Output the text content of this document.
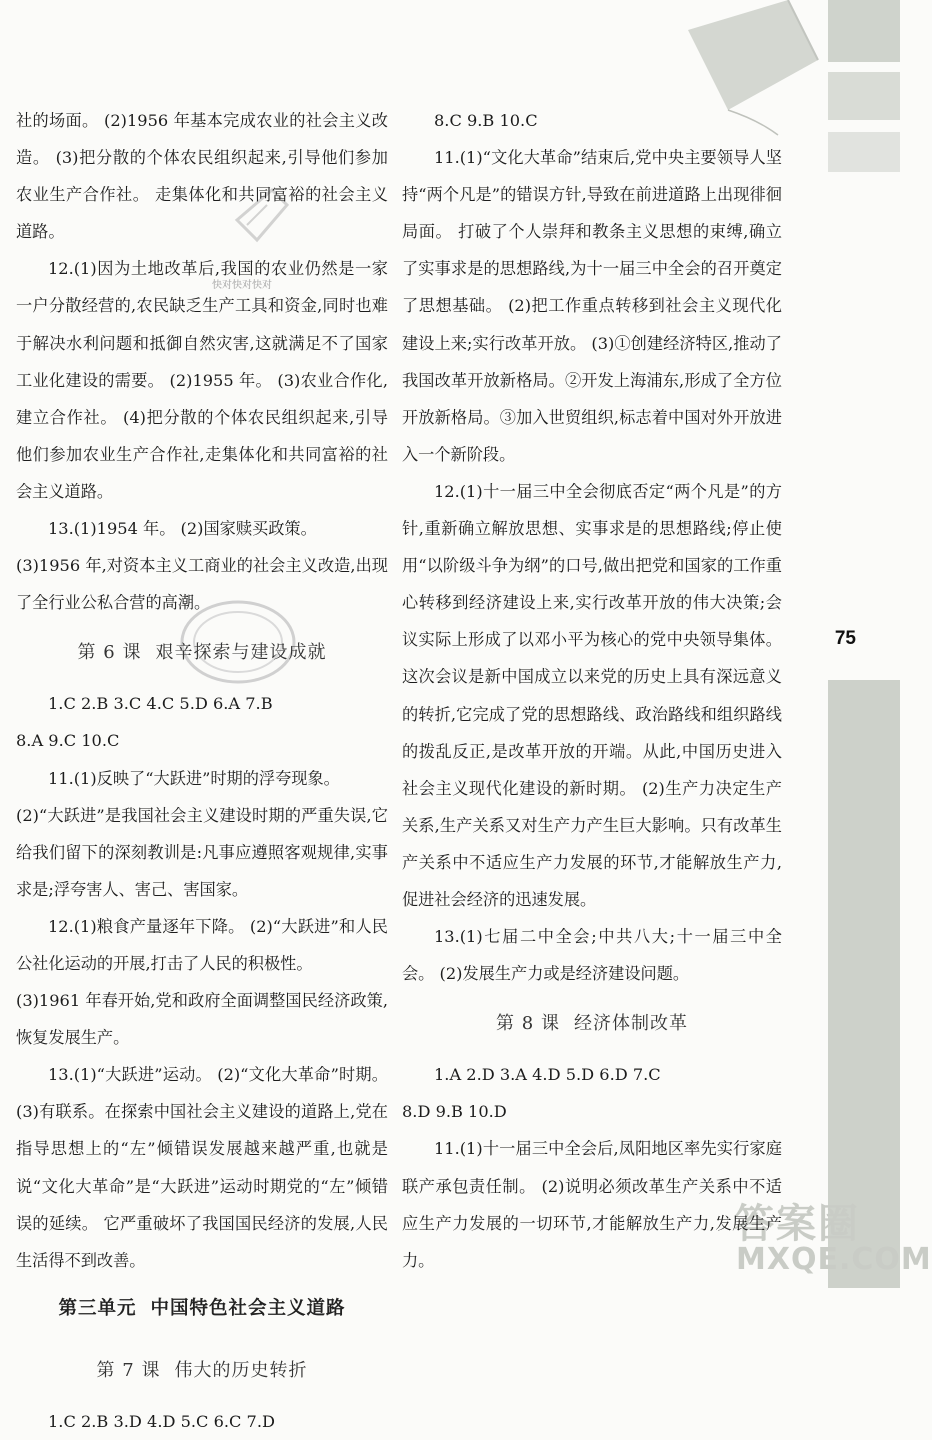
75
快对快对快对
答案圈
MXQE.COM

社的场面。 (2)1956 年基本完成农业的社会主义改造。 (3)把分散的个体农民组织起来,引导他们参加农业生产合作社。 走集体化和共同富裕的社会主义道路。

12.(1)因为土地改革后,我国的农业仍然是一家一户分散经营的,农民缺乏生产工具和资金,同时也难于解决水利问题和抵御自然灾害,这就满足不了国家工业化建设的需要。 (2)1955 年。 (3)农业合作化,建立合作社。 (4)把分散的个体农民组织起来,引导他们参加农业生产合作社,走集体化和共同富裕的社会主义道路。

13.(1)1954 年。 (2)国家赎买政策。

(3)1956 年,对资本主义工商业的社会主义改造,出现了全行业公私合营的高潮。

第 6 课 艰辛探索与建设成就

1.C 2.B 3.C 4.C 5.D 6.A 7.B

8.A 9.C 10.C

11.(1)反映了“大跃进”时期的浮夸现象。

(2)“大跃进”是我国社会主义建设时期的严重失误,它给我们留下的深刻教训是:凡事应遵照客观规律,实事求是;浮夸害人、害己、害国家。

12.(1)粮食产量逐年下降。 (2)“大跃进”和人民公社化运动的开展,打击了人民的积极性。

(3)1961 年春开始,党和政府全面调整国民经济政策,恢复发展生产。

13.(1)“大跃进”运动。 (2)“文化大革命”时期。 (3)有联系。在探索中国社会主义建设的道路上,党在指导思想上的“左”倾错误发展越来越严重,也就是说“文化大革命”是“大跃进”运动时期党的“左”倾错误的延续。 它严重破坏了我国国民经济的发展,人民生活得不到改善。

第三单元 中国特色社会主义道路
第 7 课 伟大的历史转折

1.C 2.B 3.D 4.D 5.C 6.C 7.D

8.C 9.B 10.C

11.(1)“文化大革命”结束后,党中央主要领导人坚持“两个凡是”的错误方针,导致在前进道路上出现徘徊局面。 打破了个人崇拜和教条主义思想的束缚,确立了实事求是的思想路线,为十一届三中全会的召开奠定了思想基础。 (2)把工作重点转移到社会主义现代化建设上来;实行改革开放。 (3)①创建经济特区,推动了我国改革开放新格局。②开发上海浦东,形成了全方位开放新格局。③加入世贸组织,标志着中国对外开放进入一个新阶段。

12.(1)十一届三中全会彻底否定“两个凡是”的方针,重新确立解放思想、实事求是的思想路线;停止使用“以阶级斗争为纲”的口号,做出把党和国家的工作重心转移到经济建设上来,实行改革开放的伟大决策;会议实际上形成了以邓小平为核心的党中央领导集体。这次会议是新中国成立以来党的历史上具有深远意义的转折,它完成了党的思想路线、政治路线和组织路线的拨乱反正,是改革开放的开端。从此,中国历史进入社会主义现代化建设的新时期。 (2)生产力决定生产关系,生产关系又对生产力产生巨大影响。只有改革生产关系中不适应生产力发展的环节,才能解放生产力,促进社会经济的迅速发展。

13.(1)七届二中全会;中共八大;十一届三中全会。 (2)发展生产力或是经济建设问题。

第 8 课 经济体制改革

1.A 2.D 3.A 4.D 5.D 6.D 7.C

8.D 9.B 10.D

11.(1)十一届三中全会后,凤阳地区率先实行家庭联产承包责任制。 (2)说明必须改革生产关系中不适应生产力发展的一切环节,才能解放生产力,发展生产力。
